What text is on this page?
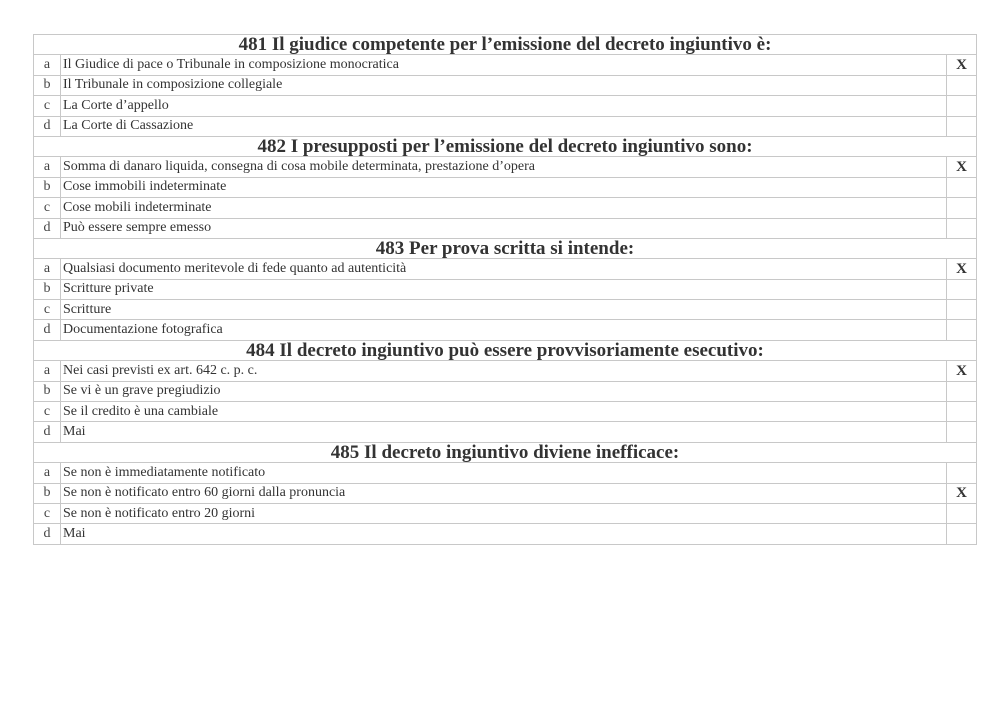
481 Il giudice competente per l’emissione del decreto ingiuntivo è:		
a	Il Giudice di pace o Tribunale in composizione monocratica	X
b	Il Tribunale in composizione collegiale	
c	La Corte d’appello	
d	La Corte di Cassazione	
482 I presupposti per l’emissione del decreto ingiuntivo sono:		
a	Somma di danaro liquida, consegna di cosa mobile determinata, prestazione d’opera	X
b	Cose immobili indeterminate	
c	Cose mobili indeterminate	
d	Può essere sempre emesso	
483 Per prova scritta si intende:		
a	Qualsiasi documento meritevole di fede quanto ad autenticità	X
b	Scritture private	
c	Scritture	
d	Documentazione fotografica	
484 Il decreto ingiuntivo può essere provvisoriamente esecutivo:		
a	Nei casi previsti ex art. 642 c. p. c.	X
b	Se vi è un grave pregiudizio	
c	Se il credito è una cambiale	
d	Mai	
485 Il decreto ingiuntivo diviene inefficace:		
a	Se non è immediatamente notificato	
b	Se non è notificato entro 60 giorni dalla pronuncia	X
c	Se non è notificato entro 20 giorni	
d	Mai	
